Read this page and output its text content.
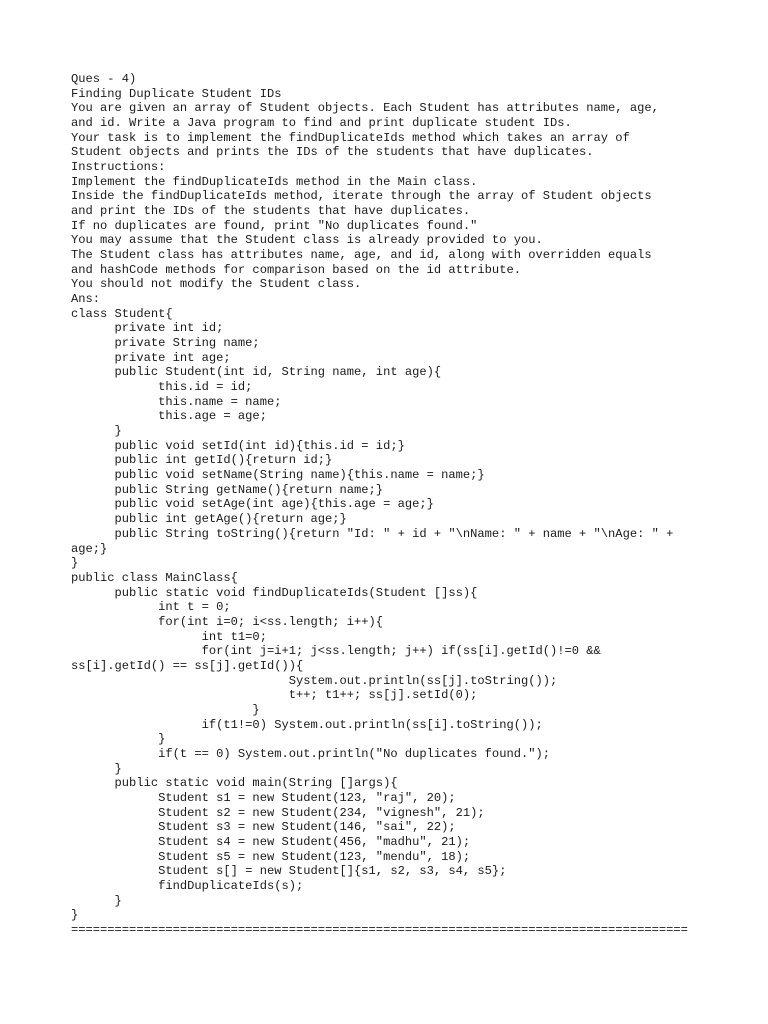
Ques - 4)
Finding Duplicate Student IDs
You are given an array of Student objects. Each Student has attributes name, age,
and id. Write a Java program to find and print duplicate student IDs.
Your task is to implement the findDuplicateIds method which takes an array of
Student objects and prints the IDs of the students that have duplicates.
Instructions:
Implement the findDuplicateIds method in the Main class.
Inside the findDuplicateIds method, iterate through the array of Student objects
and print the IDs of the students that have duplicates.
If no duplicates are found, print "No duplicates found."
You may assume that the Student class is already provided to you.
The Student class has attributes name, age, and id, along with overridden equals
and hashCode methods for comparison based on the id attribute.
You should not modify the Student class.
Ans:
class Student{
private int id;
private String name;
private int age;
public Student(int id, String name, int age){
this.id = id;
this.name = name;
this.age = age;
}
public void setId(int id){this.id = id;}
public int getId(){return id;}
public void setName(String name){this.name = name;}
public String getName(){return name;}
public void setAge(int age){this.age = age;}
public int getAge(){return age;}
public String toString(){return "Id: " + id + "\nName: " + name + "\nAge: " +
age;}
}
public class MainClass{
public static void findDuplicateIds(Student []ss){
int t = 0;
for(int i=0; i<ss.length; i++){
int t1=0;
for(int j=i+1; j<ss.length; j++) if(ss[i].getId()!=0 &&
ss[i].getId() == ss[j].getId()){
System.out.println(ss[j].toString());
t++; t1++; ss[j].setId(0);
}
if(t1!=0) System.out.println(ss[i].toString());
}
if(t == 0) System.out.println("No duplicates found.");
}
public static void main(String []args){
Student s1 = new Student(123, "raj", 20);
Student s2 = new Student(234, "vignesh", 21);
Student s3 = new Student(146, "sai", 22);
Student s4 = new Student(456, "madhu", 21);
Student s5 = new Student(123, "mendu", 18);
Student s[] = new Student[]{s1, s2, s3, s4, s5};
findDuplicateIds(s);
}
}
=====================================================================================
